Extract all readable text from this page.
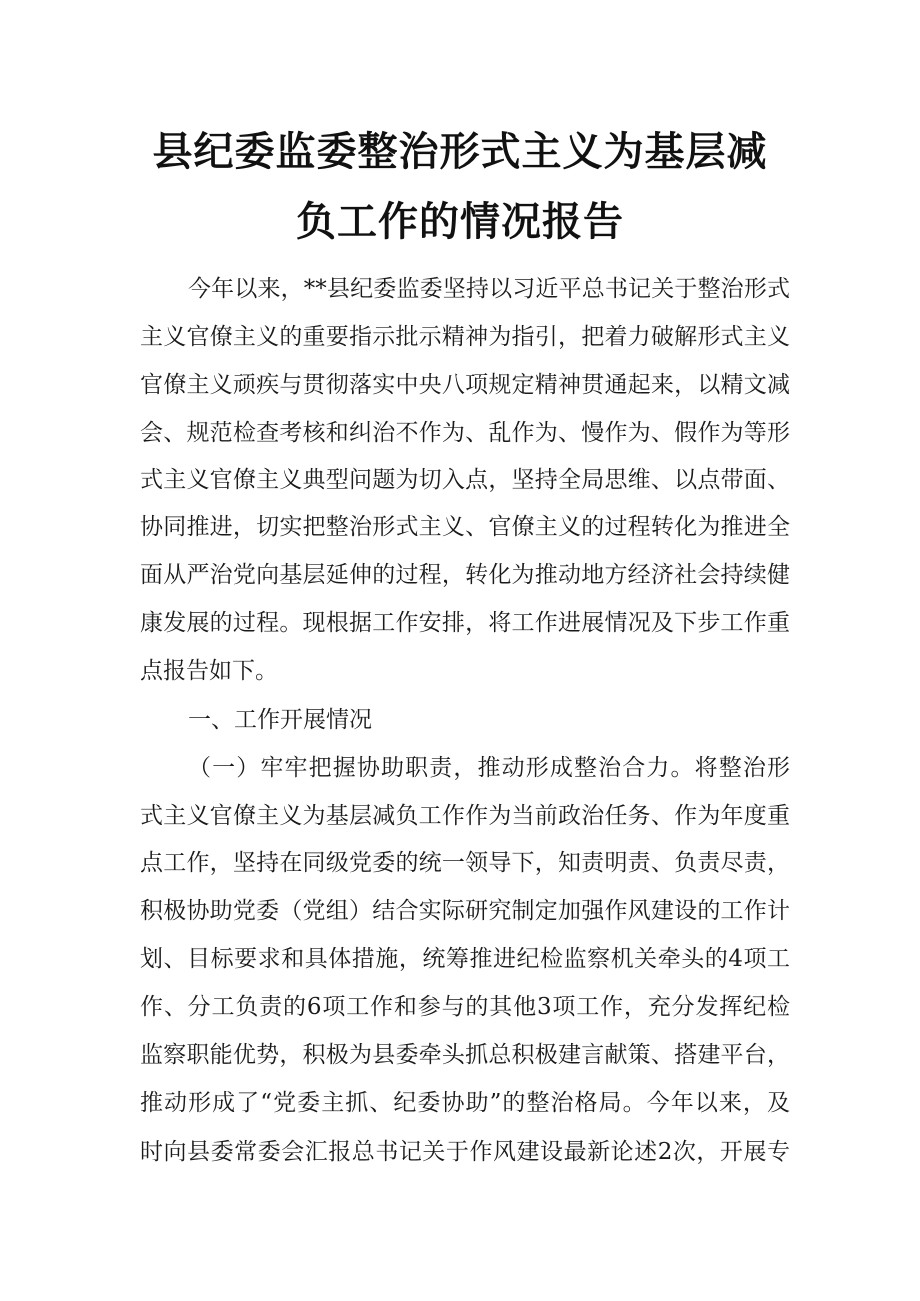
县纪委监委整治形式主义为基层减
负工作的情况报告
今年以来，**县纪委监委坚持以习近平总书记关于整治形式
主义官僚主义的重要指示批示精神为指引，把着力破解形式主义
官僚主义顽疾与贯彻落实中央八项规定精神贯通起来，以精文减
会、规范检查考核和纠治不作为、乱作为、慢作为、假作为等形
式主义官僚主义典型问题为切入点，坚持全局思维、以点带面、
协同推进，切实把整治形式主义、官僚主义的过程转化为推进全
面从严治党向基层延伸的过程，转化为推动地方经济社会持续健
康发展的过程。现根据工作安排，将工作进展情况及下步工作重
点报告如下。
一、工作开展情况
（一）牢牢把握协助职责，推动形成整治合力。将整治形
式主义官僚主义为基层减负工作作为当前政治任务、作为年度重
点工作，坚持在同级党委的统一领导下，知责明责、负责尽责，
积极协助党委（党组）结合实际研究制定加强作风建设的工作计
划、目标要求和具体措施，统筹推进纪检监察机关牵头的4项工
作、分工负责的6项工作和参与的其他3项工作，充分发挥纪检
监察职能优势，积极为县委牵头抓总积极建言献策、搭建平台，
推动形成了“党委主抓、纪委协助”的整治格局。今年以来，及
时向县委常委会汇报总书记关于作风建设最新论述2次，开展专
